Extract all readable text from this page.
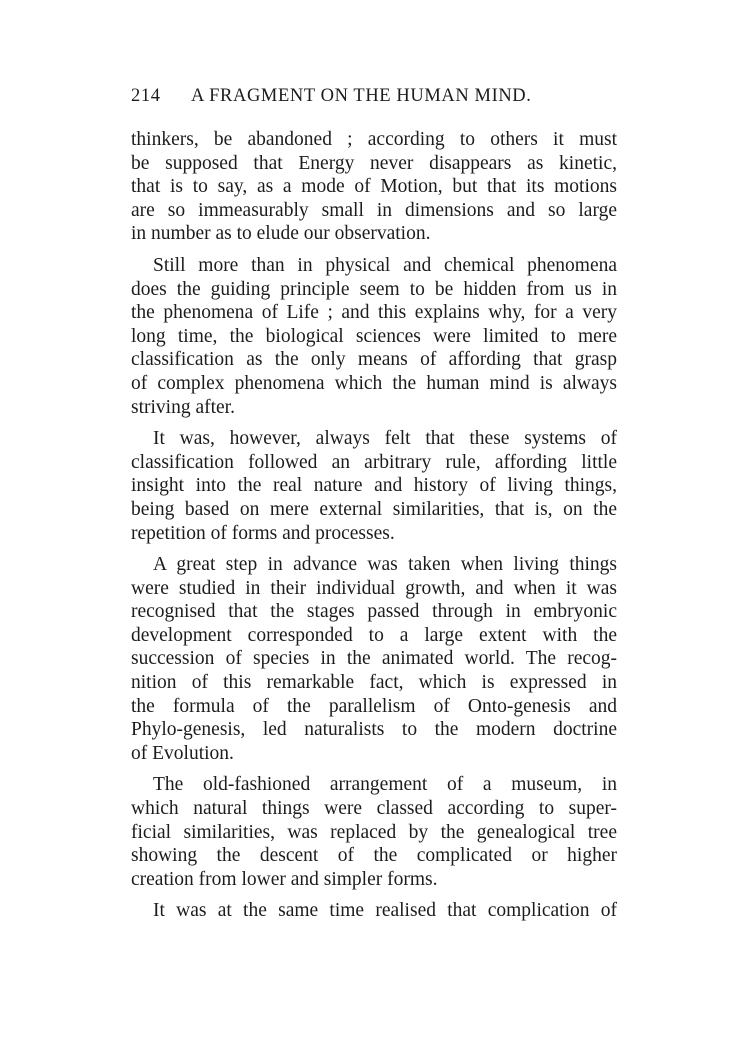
214 A FRAGMENT ON THE HUMAN MIND.
thinkers, be abandoned ; according to others it must
be supposed that Energy never disappears as kinetic,
that is to say, as a mode of Motion, but that its motions
are so immeasurably small in dimensions and so large
in number as to elude our observation.
Still more than in physical and chemical phenomena
does the guiding principle seem to be hidden from us in
the phenomena of Life ; and this explains why, for a very
long time, the biological sciences were limited to mere
classification as the only means of affording that grasp
of complex phenomena which the human mind is always
striving after.
It was, however, always felt that these systems of
classification followed an arbitrary rule, affording little
insight into the real nature and history of living things,
being based on mere external similarities, that is, on the
repetition of forms and processes.
A great step in advance was taken when living things
were studied in their individual growth, and when it was
recognised that the stages passed through in embryonic
development corresponded to a large extent with the
succession of species in the animated world. The recog-
nition of this remarkable fact, which is expressed in
the formula of the parallelism of Onto-genesis and
Phylo-genesis, led naturalists to the modern doctrine
of Evolution.
The old-fashioned arrangement of a museum, in
which natural things were classed according to super-
ficial similarities, was replaced by the genealogical tree
showing the descent of the complicated or higher
creation from lower and simpler forms.
It was at the same time realised that complication of
